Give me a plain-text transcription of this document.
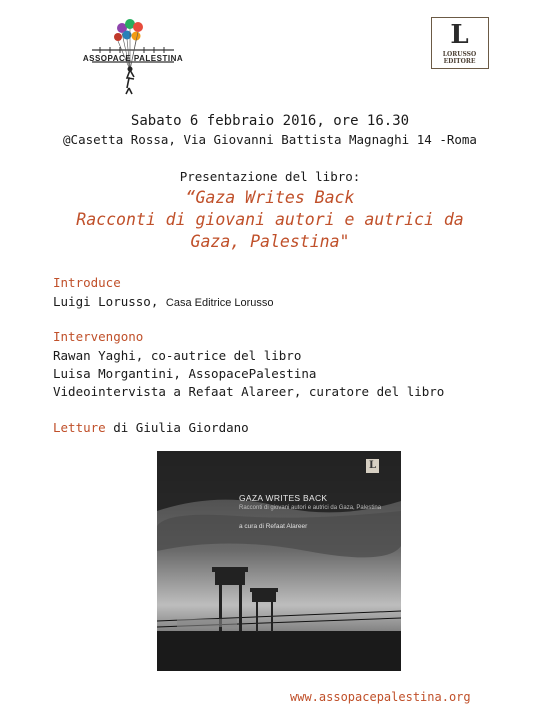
ASSOPACE PALESTINA
L
LORUSSO EDITORE
Sabato 6 febbraio 2016, ore 16.30
@Casetta Rossa, Via Giovanni Battista Magnaghi 14 -Roma
Presentazione del libro:
“Gaza Writes Back
Racconti di giovani autori e autrici da
Gaza, Palestina"
Introduce
Luigi Lorusso, Casa Editrice Lorusso
Intervengono
Rawan Yaghi, co-autrice del libro
Luisa Morgantini, AssopacePalestina
Videointervista a Refaat Alareer, curatore del libro
Letture di Giulia Giordano
L
GAZA WRITES BACK
Racconti di giovani autori e autrici da Gaza, Palestina
a cura di Refaat Alareer
www.assopacepalestina.org
